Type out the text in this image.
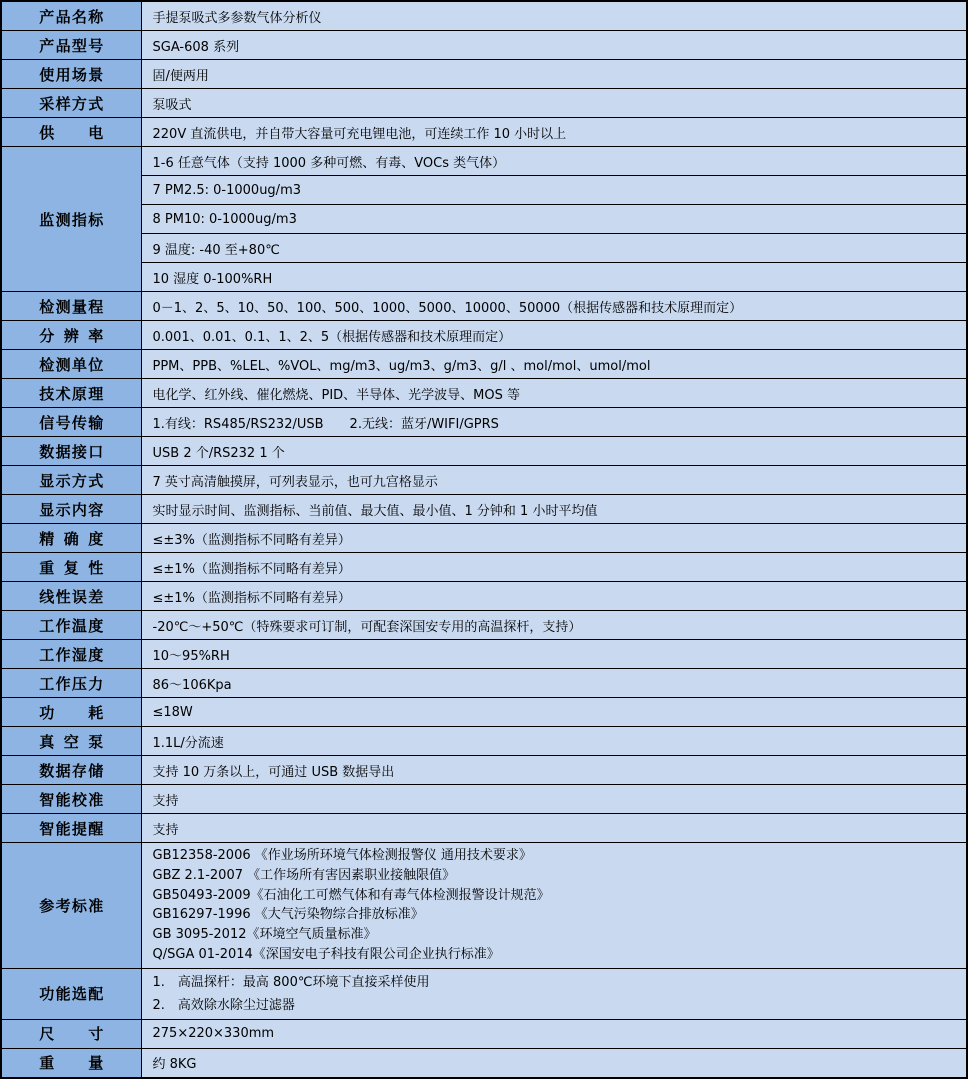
产品名称	手提泵吸式多参数气体分析仪
产品型号	SGA-608 系列
使用场景	固/便两用
采样方式	泵吸式
供电	220V 直流供电，并自带大容量可充电锂电池，可连续工作 10 小时以上
监测指标	1-6 任意气体（支持 1000 多种可燃、有毒、VOCs 类气体）
	7 PM2.5: 0-1000ug/m3
	8 PM10: 0-1000ug/m3
	9 温度: -40 至+80℃
	10 湿度 0-100%RH
检测量程	0－1、2、5、10、50、100、500、1000、5000、10000、50000（根据传感器和技术原理而定）
分辨率	0.001、0.01、0.1、1、2、5（根据传感器和技术原理而定）
检测单位	PPM、PPB、%LEL、%VOL、mg/m3、ug/m3、g/m3、g/l 、mol/mol、umol/mol
技术原理	电化学、红外线、催化燃烧、PID、半导体、光学波导、MOS 等
信号传输	1.有线：RS485/RS232/USB　　2.无线：蓝牙/WIFI/GPRS
数据接口	USB 2 个/RS232 1 个
显示方式	7 英寸高清触摸屏，可列表显示，也可九宫格显示
显示内容	实时显示时间、监测指标、当前值、最大值、最小值、1 分钟和 1 小时平均值
精确度	≤±3%（监测指标不同略有差异）
重复性	≤±1%（监测指标不同略有差异）
线性误差	≤±1%（监测指标不同略有差异）
工作温度	-20℃～+50℃（特殊要求可订制，可配套深国安专用的高温探杆，支持）
工作湿度	10～95%RH
工作压力	86～106Kpa
功耗	≤18W
真空泵	1.1L/分流速
数据存储	支持 10 万条以上，可通过 USB 数据导出
智能校准	支持
智能提醒	支持
参考标准	
GB12358-2006 《作业场所环境气体检测报警仪 通用技术要求》
GBZ 2.1-2007 《工作场所有害因素职业接触限值》
GB50493-2009《石油化工可燃气体和有毒气体检测报警设计规范》
GB16297-1996 《大气污染物综合排放标准》
GB 3095-2012《环境空气质量标准》
Q/SGA 01-2014《深国安电子科技有限公司企业执行标准》

功能选配	1.　高温探杆：最高 800℃环境下直接采样使用
2.　高效除水除尘过滤器

尺寸	275×220×330mm
重量	约 8KG
